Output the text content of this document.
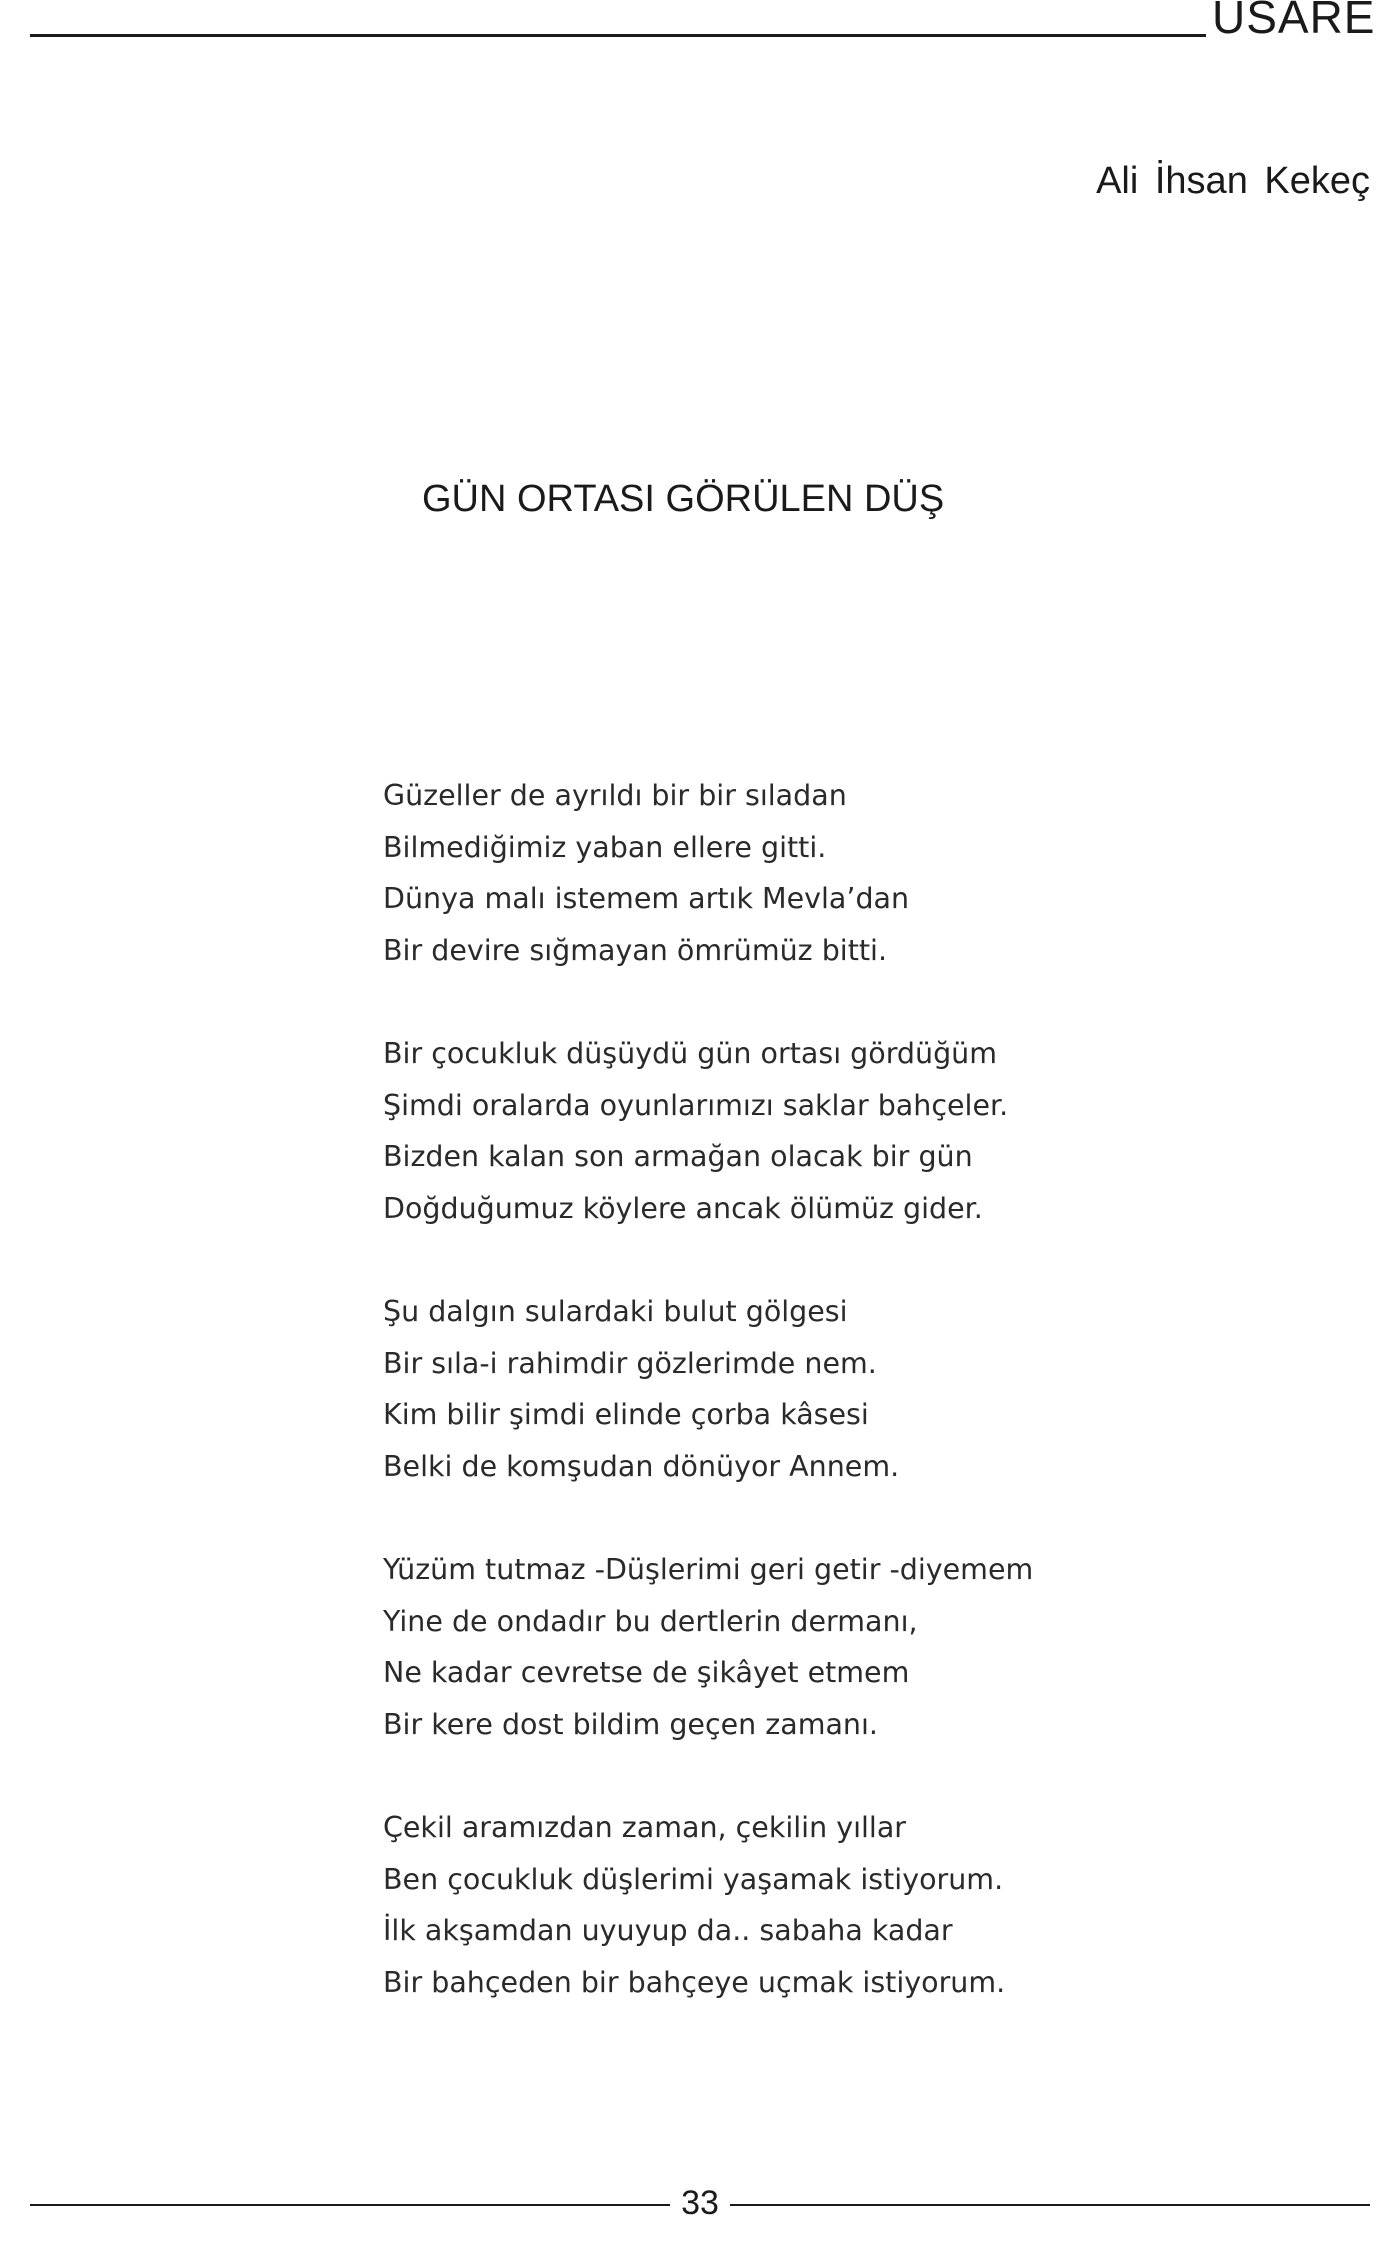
USARE
Ali İhsan Kekeç
GÜN ORTASI GÖRÜLEN DÜŞ
Güzeller de ayrıldı bir bir sıladan
Bilmediğimiz yaban ellere gitti.
Dünya malı istemem artık Mevla’dan
Bir devire sığmayan ömrümüz bitti.
Bir çocukluk düşüydü gün ortası gördüğüm
Şimdi oralarda oyunlarımızı saklar bahçeler.
Bizden kalan son armağan olacak bir gün
Doğduğumuz köylere ancak ölümüz gider.
Şu dalgın sulardaki bulut gölgesi
Bir sıla-i rahimdir gözlerimde nem.
Kim bilir şimdi elinde çorba kâsesi
Belki de komşudan dönüyor Annem.
Yüzüm tutmaz -Düşlerimi geri getir -diyemem
Yine de ondadır bu dertlerin dermanı,
Ne kadar cevretse de şikâyet etmem
Bir kere dost bildim geçen zamanı.
Çekil aramızdan zaman, çekilin yıllar
Ben çocukluk düşlerimi yaşamak istiyorum.
İlk akşamdan uyuyup da.. sabaha kadar
Bir bahçeden bir bahçeye uçmak istiyorum.
33
